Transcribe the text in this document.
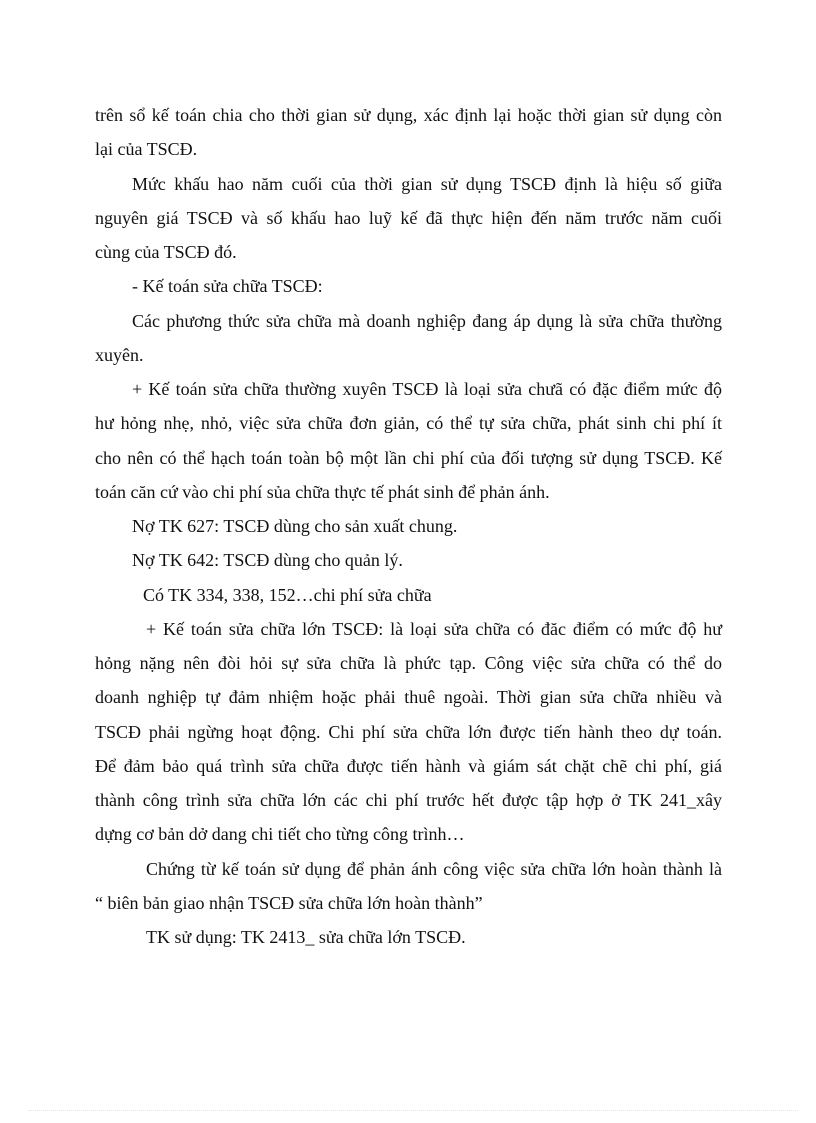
trên sổ kế toán chia cho thời gian sử dụng, xác định lại hoặc thời gian sử dụng còn

lại của TSCĐ.

Mức khấu hao năm cuối của thời gian sử dụng TSCĐ định là hiệu số giữa

nguyên giá TSCĐ và số khấu hao luỹ kế đã thực hiện đến năm trước năm cuối

cùng của TSCĐ đó.

- Kế toán sửa chữa TSCĐ:

Các phương thức sửa chữa mà doanh nghiệp đang áp dụng là sửa chữa thường

xuyên.

+ Kế toán sửa chữa thường xuyên TSCĐ là loại sửa chưã có đặc điểm mức độ

hư hỏng nhẹ, nhỏ, việc sửa chữa đơn giản, có thể tự sửa chữa, phát sinh chi phí ít

cho nên có thể hạch toán toàn bộ một lần chi phí của đối tượng sử dụng TSCĐ. Kế

toán căn cứ vào chi phí sủa chữa thực tế phát sinh để phản ánh.

Nợ TK 627: TSCĐ dùng cho sản xuất chung.

Nợ TK 642: TSCĐ dùng cho quản lý.

Có TK 334, 338, 152…chi phí sửa chữa

+ Kế toán sửa chữa lớn TSCĐ: là loại sửa chữa có đăc điểm có mức độ hư

hỏng nặng nên đòi hỏi sự sửa chữa là phức tạp. Công việc sửa chữa có thể do

doanh nghiệp tự đảm nhiệm hoặc phải thuê ngoài. Thời gian sửa chữa nhiều và

TSCĐ phải ngừng hoạt động. Chi phí sửa chữa lớn được tiến hành theo dự toán.

Để đảm bảo quá trình sửa chữa được tiến hành và giám sát chặt chẽ chi phí, giá

thành công trình sửa chữa lớn các chi phí trước hết được tập hợp ở TK 241_xây

dựng cơ bản dở dang chi tiết cho từng công trình…

Chứng từ kế toán sử dụng để phản ánh công việc sửa chữa lớn hoàn thành là

“ biên bản giao nhận TSCĐ sửa chữa lớn hoàn thành”

TK sử dụng: TK 2413_ sửa chữa lớn TSCĐ.
